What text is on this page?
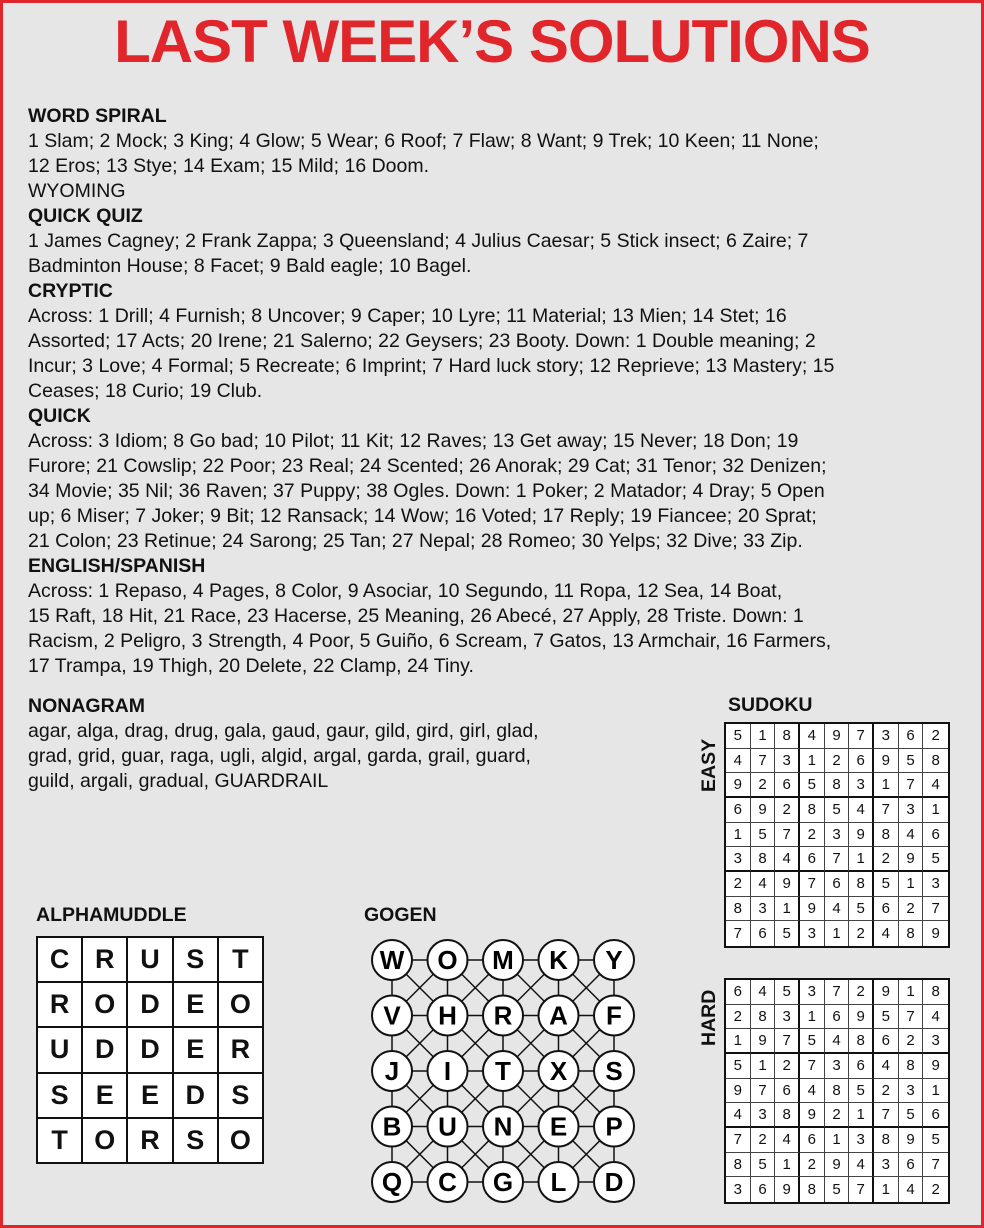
LAST WEEK’S SOLUTIONS
WORD SPIRAL
1 Slam; 2 Mock; 3 King; 4 Glow; 5 Wear; 6 Roof; 7 Flaw; 8 Want; 9 Trek; 10 Keen; 11 None;
12 Eros; 13 Stye; 14 Exam; 15 Mild; 16 Doom.
WYOMING
QUICK QUIZ
1 James Cagney; 2 Frank Zappa; 3 Queensland; 4 Julius Caesar; 5 Stick insect; 6 Zaire; 7
Badminton House; 8 Facet; 9 Bald eagle; 10 Bagel.
CRYPTIC
Across: 1 Drill; 4 Furnish; 8 Uncover; 9 Caper; 10 Lyre; 11 Material; 13 Mien; 14 Stet; 16
Assorted; 17 Acts; 20 Irene; 21 Salerno; 22 Geysers; 23 Booty. Down: 1 Double meaning; 2
Incur; 3 Love; 4 Formal; 5 Recreate; 6 Imprint; 7 Hard luck story; 12 Reprieve; 13 Mastery; 15
Ceases; 18 Curio; 19 Club.
QUICK
Across: 3 Idiom; 8 Go bad; 10 Pilot; 11 Kit; 12 Raves; 13 Get away; 15 Never; 18 Don; 19
Furore; 21 Cowslip; 22 Poor; 23 Real; 24 Scented; 26 Anorak; 29 Cat; 31 Tenor; 32 Denizen;
34 Movie; 35 Nil; 36 Raven; 37 Puppy; 38 Ogles. Down: 1 Poker; 2 Matador; 4 Dray; 5 Open
up; 6 Miser; 7 Joker; 9 Bit; 12 Ransack; 14 Wow; 16 Voted; 17 Reply; 19 Fiancee; 20 Sprat;
21 Colon; 23 Retinue; 24 Sarong; 25 Tan; 27 Nepal; 28 Romeo; 30 Yelps; 32 Dive; 33 Zip.
ENGLISH/SPANISH
Across: 1 Repaso, 4 Pages, 8 Color, 9 Asociar, 10 Segundo, 11 Ropa, 12 Sea, 14 Boat,
15 Raft, 18 Hit, 21 Race, 23 Hacerse, 25 Meaning, 26 Abecé, 27 Apply, 28 Triste. Down: 1
Racism, 2 Peligro, 3 Strength, 4 Poor, 5 Guiño, 6 Scream, 7 Gatos, 13 Armchair, 16 Farmers,
17 Trampa, 19 Thigh, 20 Delete, 22 Clamp, 24 Tiny.
NONAGRAM
agar, alga, drag, drug, gala, gaud, gaur, gild, gird, girl, glad,
grad, grid, guar, raga, ugli, algid, argal, garda, grail, guard,
guild, argali, gradual, GUARDRAIL
ALPHAMUDDLE
C R U S	T
R O D E O
U D D E R
S	E	E D S
T O R S O
GOGEN
W O M K Y
V H R A F
J I T X S
B U N E P
Q C G L D
SUDOKU
EASY
5	1	8	4	9	7	3	6	2
4	7	3	1	2	6	9	5	8
9	2	6	5	8	3	1	7	4
6	9	2	8	5	4	7	3	1
1	5	7	2	3	9	8	4	6
3	8	4	6	7	1	2	9	5
2	4	9	7	6	8	5	1	3
8	3	1	9	4	5	6	2	7
7	6	5	3	1	2	4	8	9
HARD 6	4	5	3	7	2	9	1	8
2	8	3	1	6	9	5	7	4
1	9	7	5	4	8	6	2	3
5	1	2	7	3	6	4	8	9
9	7	6	4	8	5	2	3	1
4	3	8	9	2	1	7	5	6
7	2	4	6	1	3	8	9	5
8	5	1	2	9	4	3	6	7
3	6	9	8	5	7	1	4	2
